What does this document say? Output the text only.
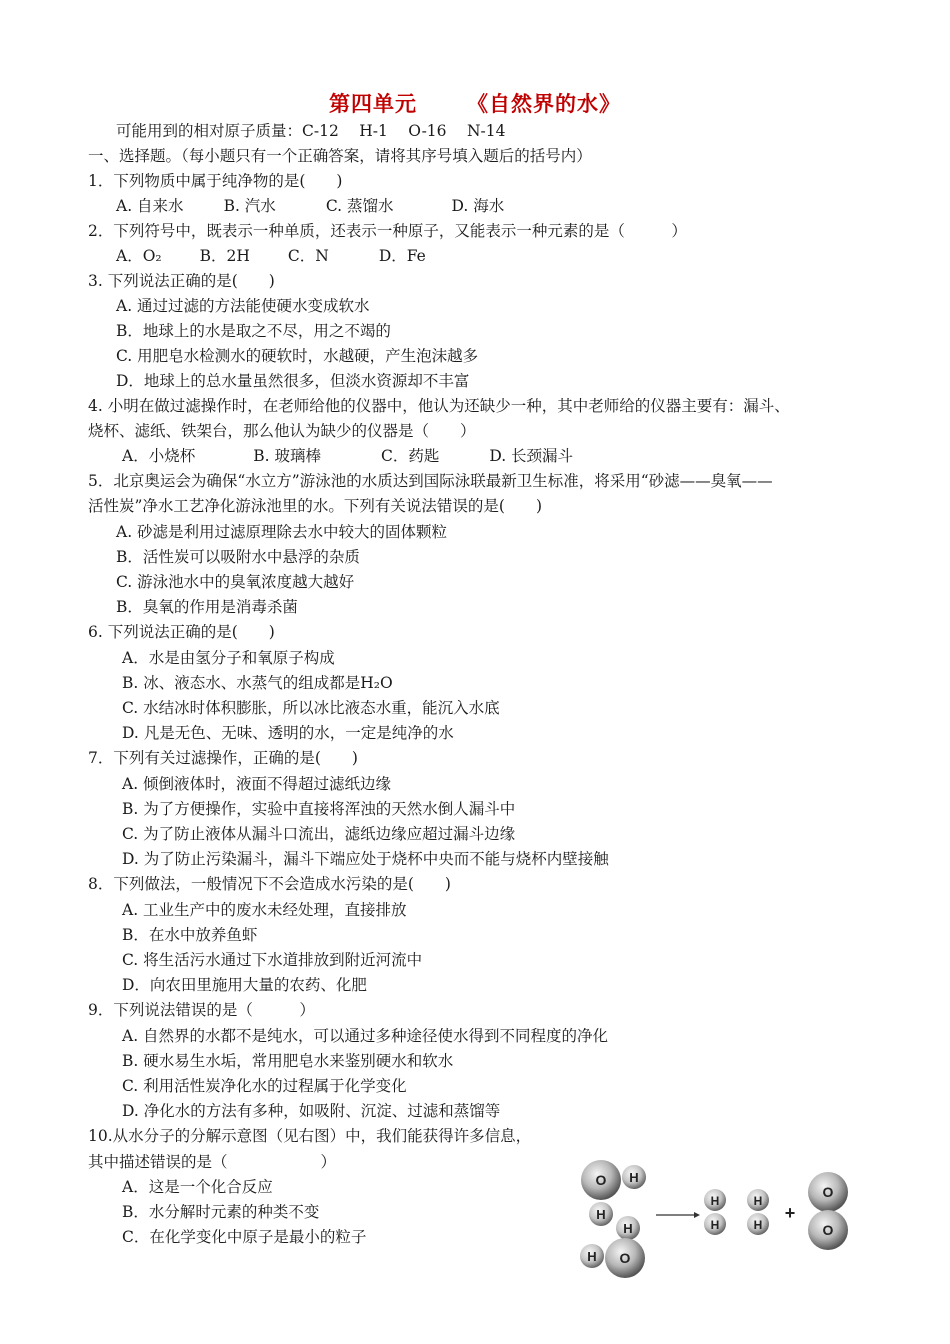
第四单元 《自然界的水》
可能用到的相对原子质量：C-12　 H-1　 O-16　 N-14
一、选择题。（每小题只有一个正确答案，请将其序号填入题后的括号内）
1．下列物质中属于纯净物的是(　　)
A. 自来水	B. 汽水	C. 蒸馏水	D. 海水
2．下列符号中，既表示一种单质，还表示一种原子，又能表示一种元素的是（　　　）
A．O₂ B．2H C．N	D．Fe
3. 下列说法正确的是(　　)
A. 通过过滤的方法能使硬水变成软水
B．地球上的水是取之不尽，用之不竭的
C. 用肥皂水检测水的硬软时，水越硬，产生泡沫越多
D．地球上的总水量虽然很多，但淡水资源却不丰富
4. 小明在做过滤操作时，在老师给他的仪器中，他认为还缺少一种，其中老师给的仪器主要有：漏斗、
烧杯、滤纸、铁架台，那么他认为缺少的仪器是（　　）
A．小烧杯	B. 玻璃棒	C．药匙	D. 长颈漏斗
5．北京奥运会为确保“水立方”游泳池的水质达到国际泳联最新卫生标准，将采用“砂滤——臭氧——
活性炭”净水工艺净化游泳池里的水。下列有关说法错误的是(　　)
A. 砂滤是利用过滤原理除去水中较大的固体颗粒
B．活性炭可以吸附水中悬浮的杂质
C. 游泳池水中的臭氧浓度越大越好
B．臭氧的作用是消毒杀菌
6. 下列说法正确的是(　　)
A．水是由氢分子和氧原子构成
B. 冰、液态水、水蒸气的组成都是H₂O
C. 水结冰时体积膨胀，所以冰比液态水重，能沉入水底
D. 凡是无色、无味、透明的水，一定是纯净的水
7．下列有关过滤操作，正确的是(　　)
A. 倾倒液体时，液面不得超过滤纸边缘
B. 为了方便操作，实验中直接将浑浊的天然水倒人漏斗中
C. 为了防止液体从漏斗口流出，滤纸边缘应超过漏斗边缘
D. 为了防止污染漏斗，漏斗下端应处于烧杯中央而不能与烧杯内壁接触
8．下列做法，一般情况下不会造成水污染的是(　　)
A. 工业生产中的废水未经处理，直接排放
B．在水中放养鱼虾
C. 将生活污水通过下水道排放到附近河流中
D．向农田里施用大量的农药、化肥
9．下列说法错误的是（　　　）
A. 自然界的水都不是纯水，可以通过多种途径使水得到不同程度的净化
B. 硬水易生水垢，常用肥皂水来鉴别硬水和软水
C. 利用活性炭净化水的过程属于化学变化
D. 净化水的方法有多种，如吸附、沉淀、过滤和蒸馏等
10.从水分子的分解示意图（见右图）中，我们能获得许多信息，
其中描述错误的是（　　　　　　）
A．这是一个化合反应
B．水分解时元素的种类不变
C．在化学变化中原子是最小的粒子
O H
H
H
H O
H
H
H
H
+
O
O
